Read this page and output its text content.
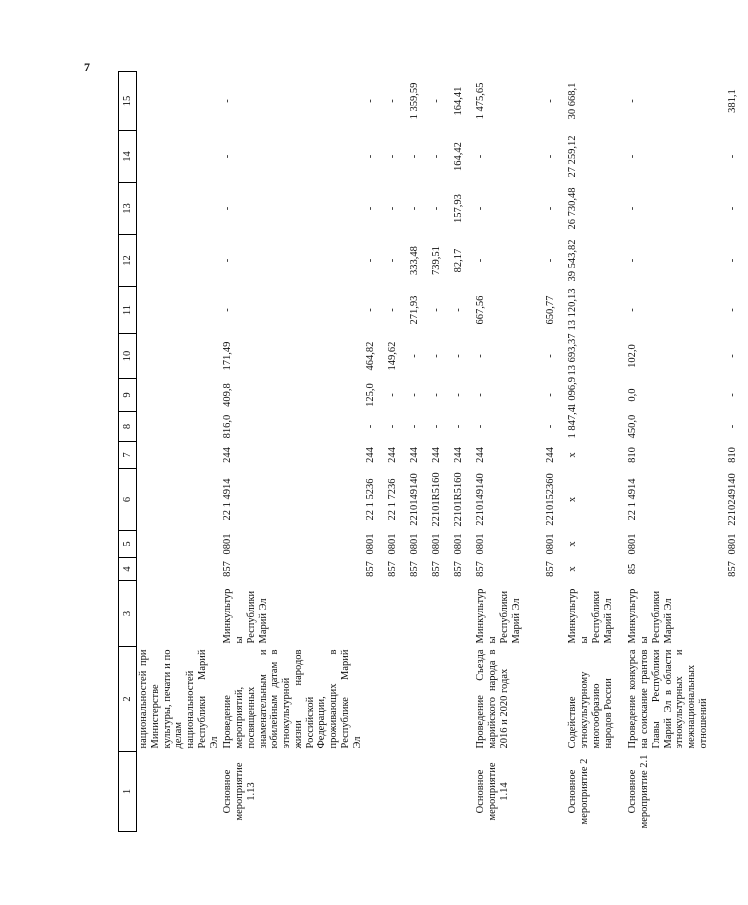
7
1	2	3	4	5	6	7	8	9	10	11	12	13	14	15
	национальностей при Министерстве культуры, печати и по делам национальностей Республики Марий Эл													
Основное мероприятие 1.13	Проведение мероприятий, посвященных знаменательным и юбилейным датам в этнокультурной жизни народов Российской Федерации, проживающих в Республике Марий Эл	Минкультуры Республики Марий Эл	857	0801	22 1 4914	244	816,0	409,8	171,49	-	-	-	-	-
			857	0801	22 1 5236	244	-	125,0	464,82	-	-	-	-	-
			857	0801	22 1 7236	244	-	-	149,62	-	-	-	-	-
			857	0801	2210149140	244	-	-	-	271,93	333,48	-	-	1 359,59
			857	0801	22101R5160	244	-	-	-	-	739,51	-	-	-
			857	0801	22101R5160	244	-	-	-	-	82,17	157,93	164,42	164,41
Основное мероприятие 1.14	Проведение Съезда марийского народа в 2016 и 2020 годах	Минкультуры Республики Марий Эл	857	0801	2210149140	244	-	-	-	667,56	-	-	-	1 475,65
			857	0801	2210152360	244	-	-	-	650,77	-	-	-	-
Основное мероприятие 2	Содействие этнокультурному многообразию народов России	Минкультуры Республики Марий Эл	x	x	x	x	1 847,4	1 096,9	13 693,37	13 120,13	39 543,82	26 730,48	27 259,12	30 668,1
Основное мероприятие 2.1	Проведение конкурса на соискание грантов Главы Республики Марий Эл в области этнокультурных и межнациональных отношений	Минкультуры Республики Марий Эл	85	0801	22 1 4914	810	450,0	0,0	102,0	-	-	-	-	-
			857	0801	2210249140	810	-	-	-	-	-	-	-	381,1
